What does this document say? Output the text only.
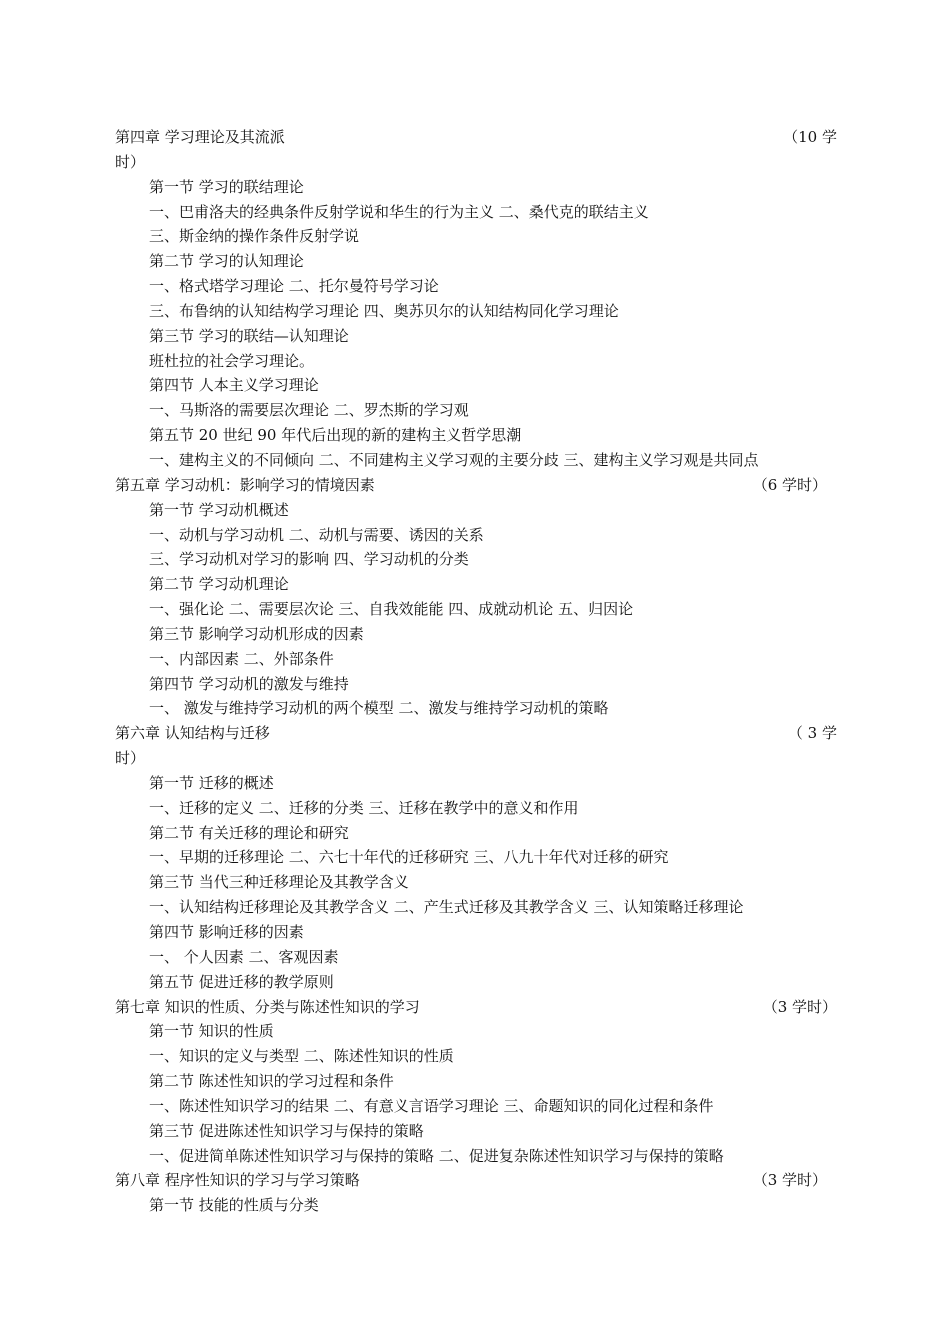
第四章 学习理论及其流派	（10 学
时）
第一节 学习的联结理论
一、巴甫洛夫的经典条件反射学说和华生的行为主义 二、桑代克的联结主义
三、斯金纳的操作条件反射学说
第二节 学习的认知理论
一、格式塔学习理论 二、托尔曼符号学习论
三、布鲁纳的认知结构学习理论 四、奥苏贝尔的认知结构同化学习理论
第三节 学习的联结—认知理论
班杜拉的社会学习理论。
第四节 人本主义学习理论
一、马斯洛的需要层次理论 二、罗杰斯的学习观
第五节 20 世纪 90 年代后出现的新的建构主义哲学思潮
一、建构主义的不同倾向 二、不同建构主义学习观的主要分歧 三、建构主义学习观是共同点
第五章 学习动机：影响学习的情境因素	（6 学时）
第一节 学习动机概述
一、动机与学习动机 二、动机与需要、诱因的关系
三、学习动机对学习的影响 四、学习动机的分类
第二节 学习动机理论
一、强化论 二、需要层次论 三、自我效能能 四、成就动机论 五、归因论
第三节 影响学习动机形成的因素
一、内部因素 二、外部条件
第四节 学习动机的激发与维持
一、 激发与维持学习动机的两个模型 二、激发与维持学习动机的策略
第六章 认知结构与迁移	（ 3 学
时）
第一节 迁移的概述
一、迁移的定义 二、迁移的分类 三、迁移在教学中的意义和作用
第二节 有关迁移的理论和研究
一、早期的迁移理论 二、六七十年代的迁移研究 三、八九十年代对迁移的研究
第三节 当代三种迁移理论及其教学含义
一、认知结构迁移理论及其教学含义 二、产生式迁移及其教学含义 三、认知策略迁移理论
第四节 影响迁移的因素
一、 个人因素 二、客观因素
第五节 促进迁移的教学原则
第七章 知识的性质、分类与陈述性知识的学习	（3 学时）
第一节 知识的性质
一、知识的定义与类型 二、陈述性知识的性质
第二节 陈述性知识的学习过程和条件
一、陈述性知识学习的结果 二、有意义言语学习理论 三、命题知识的同化过程和条件
第三节 促进陈述性知识学习与保持的策略
一、促进简单陈述性知识学习与保持的策略 二、促进复杂陈述性知识学习与保持的策略
第八章 程序性知识的学习与学习策略	（3 学时）
第一节 技能的性质与分类
